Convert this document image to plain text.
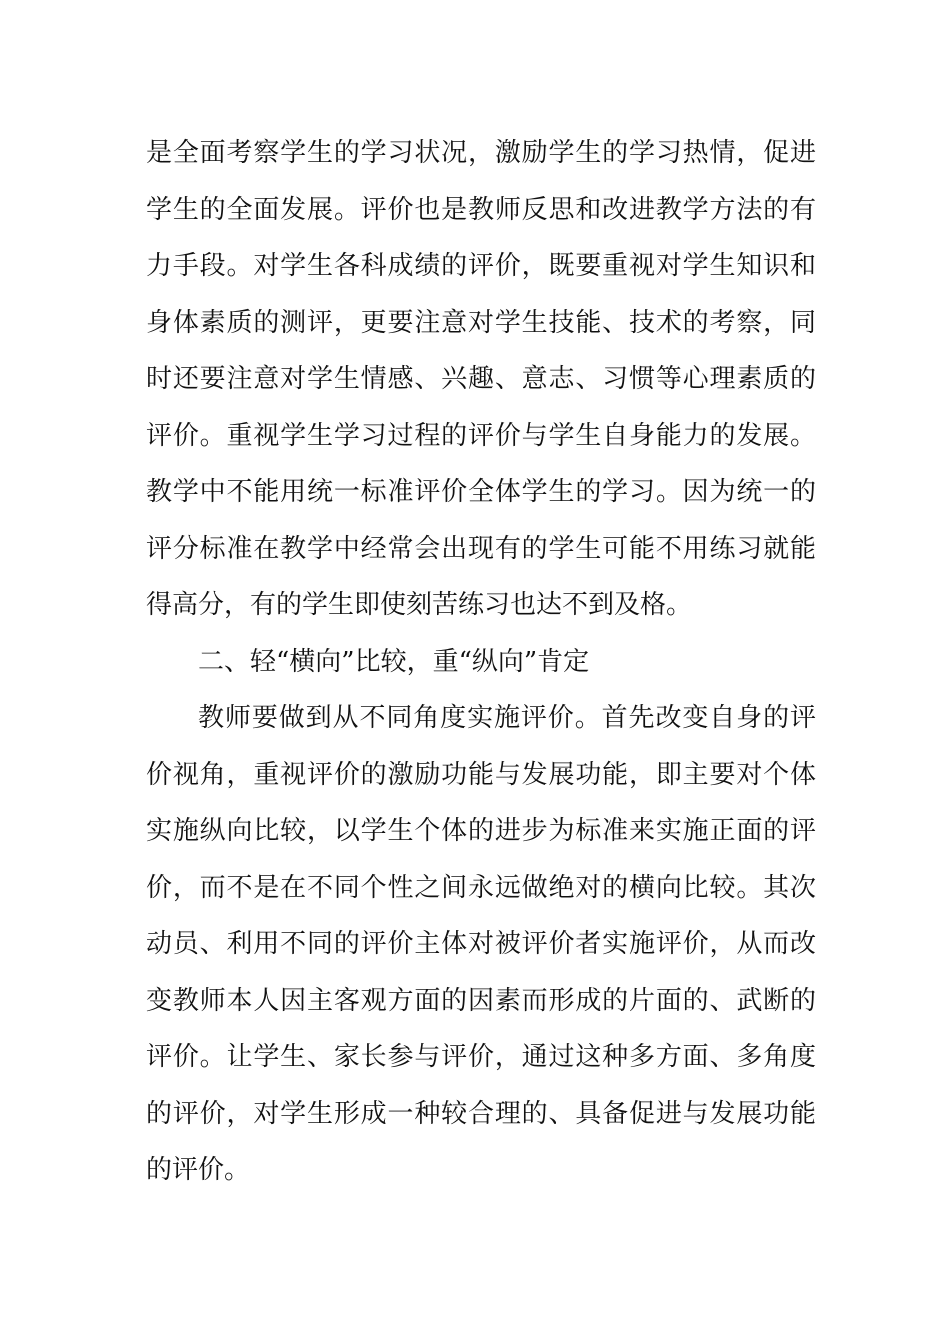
是全面考察学生的学习状况，激励学生的学习热情，促进
学生的全面发展。评价也是教师反思和改进教学方法的有
力手段。对学生各科成绩的评价，既要重视对学生知识和
身体素质的测评，更要注意对学生技能、技术的考察，同
时还要注意对学生情感、兴趣、意志、习惯等心理素质的
评价。重视学生学习过程的评价与学生自身能力的发展。
教学中不能用统一标准评价全体学生的学习。因为统一的
评分标准在教学中经常会出现有的学生可能不用练习就能
得高分，有的学生即使刻苦练习也达不到及格。
二、轻“横向”比较，重“纵向”肯定
教师要做到从不同角度实施评价。首先改变自身的评
价视角，重视评价的激励功能与发展功能，即主要对个体
实施纵向比较，以学生个体的进步为标准来实施正面的评
价，而不是在不同个性之间永远做绝对的横向比较。其次
动员、利用不同的评价主体对被评价者实施评价，从而改
变教师本人因主客观方面的因素而形成的片面的、武断的
评价。让学生、家长参与评价，通过这种多方面、多角度
的评价，对学生形成一种较合理的、具备促进与发展功能
的评价。
